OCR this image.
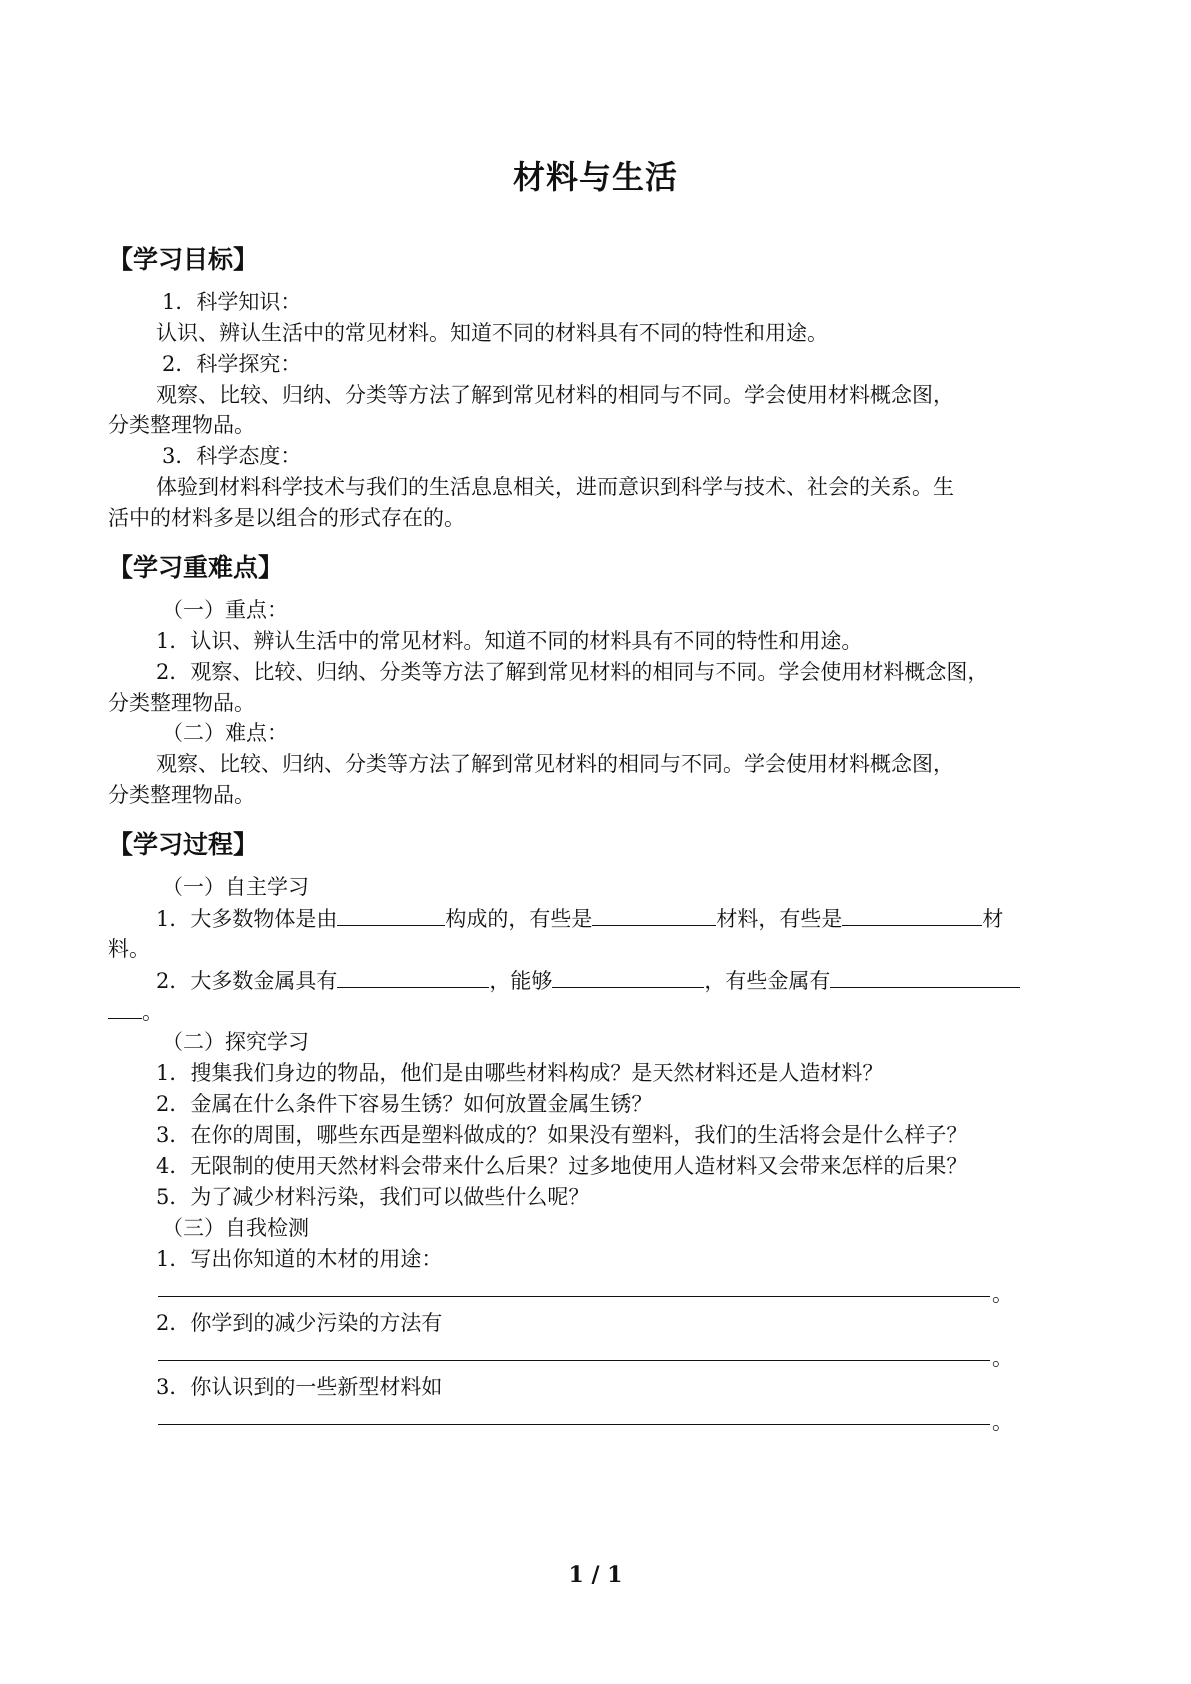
材料与生活
【学习目标】
1．科学知识：
认识、辨认生活中的常见材料。知道不同的材料具有不同的特性和用途。
2．科学探究：
观察、比较、归纳、分类等方法了解到常见材料的相同与不同。学会使用材料概念图，
分类整理物品。
3．科学态度：
体验到材料科学技术与我们的生活息息相关，进而意识到科学与技术、社会的关系。生
活中的材料多是以组合的形式存在的。
【学习重难点】
（一）重点：
1．认识、辨认生活中的常见材料。知道不同的材料具有不同的特性和用途。
2．观察、比较、归纳、分类等方法了解到常见材料的相同与不同。学会使用材料概念图，
分类整理物品。
（二）难点：
观察、比较、归纳、分类等方法了解到常见材料的相同与不同。学会使用材料概念图，
分类整理物品。
【学习过程】
（一）自主学习
1．大多数物体是由	构成的，有些是	材料，有些是	材
料。
2．大多数金属具有	，能够	，有些金属有
。
（二）探究学习
1．搜集我们身边的物品，他们是由哪些材料构成？是天然材料还是人造材料？
2．金属在什么条件下容易生锈？如何放置金属生锈？
3．在你的周围，哪些东西是塑料做成的？如果没有塑料，我们的生活将会是什么样子？
4．无限制的使用天然材料会带来什么后果？过多地使用人造材料又会带来怎样的后果？
5．为了减少材料污染，我们可以做些什么呢？
（三）自我检测
1．写出你知道的木材的用途：
。
2．你学到的减少污染的方法有
。
3．你认识到的一些新型材料如
。
1 / 1
